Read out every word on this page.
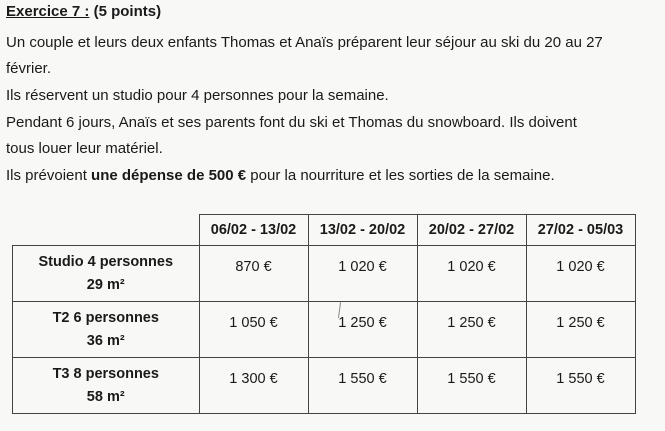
Exercice 7 : (5 points)
Un couple et leurs deux enfants Thomas et Anaïs préparent leur séjour au ski du 20 au 27
février.
Ils réservent un studio pour 4 personnes pour la semaine.
Pendant 6 jours, Anaïs et ses parents font du ski et Thomas du snowboard. Ils doivent
tous louer leur matériel.
Ils prévoient une dépense de 500 € pour la nourriture et les sorties de la semaine.
	06/02 - 13/02	13/02 - 20/02	20/02 - 27/02	27/02 - 05/03

Studio 4 personnes
29 m²	870 €	1 020 €	1 020 €	1 020 €

T2 6 personnes
36 m²	1 050 €	1 250 €	1 250 €	1 250 €

T3 8 personnes
58 m²	1 300 €	1 550 €	1 550 €	1 550 €
